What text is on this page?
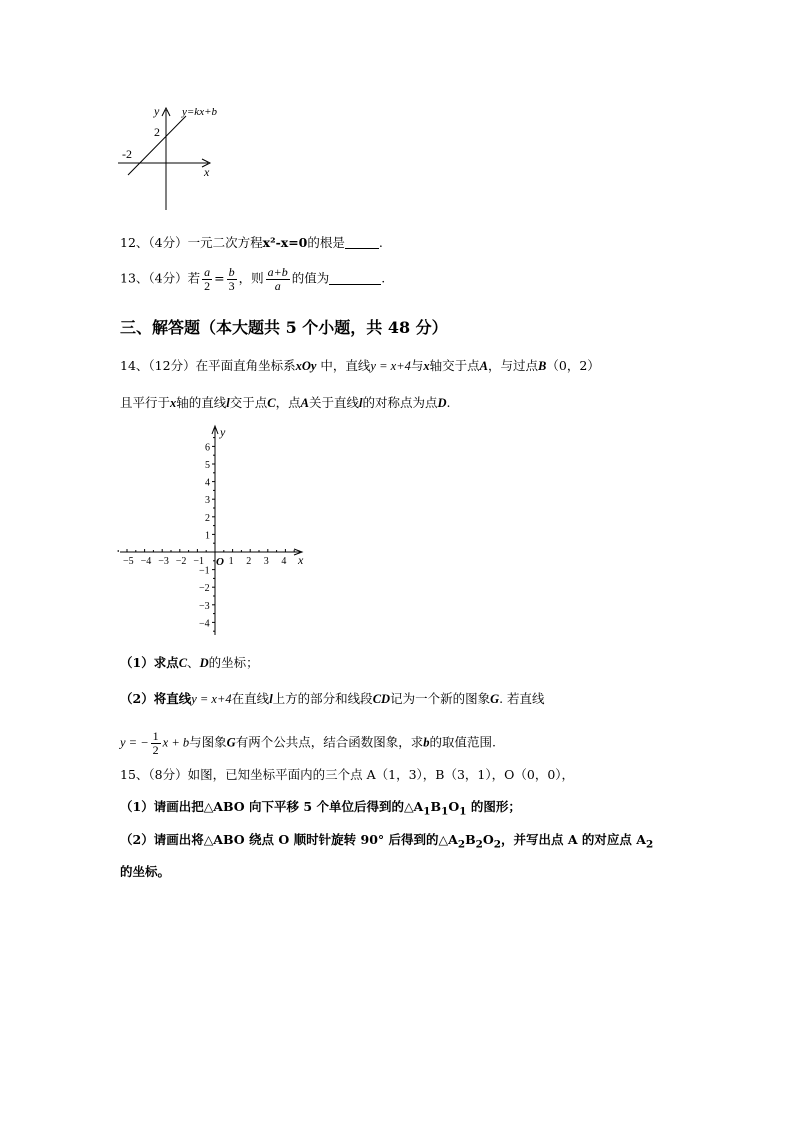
y y=kx+b
2
-2
x
12、（4分）一元二次方程x²-x=0的根是	.
13、（4分）若 $\frac{a}{2} = \frac{b}{3}$ ，则 $\frac{a+b}{a}$ 的值为	.
三、解答题（本大题共 5 个小题，共 48 分）
14、（12分）在平面直角坐标系xOy 中，直线y = x+4与x轴交于点A，与过点B（0，2）
且平行于x轴的直线l交于点C，点A关于直线l的对称点为点D.
−5 −4 −3 −2 −1 1 2 3 4
6
5
4
3
2
1
−1
−2
−3
−4
y
x
O
（1）求点C、D的坐标；
（2）将直线y = x+4在直线l上方的部分和线段CD记为一个新的图象G. 若直线
y = − $\frac{1}{2}$ x + b与图象G有两个公共点，结合函数图象，求b的取值范围.
15、（8分）如图，已知坐标平面内的三个点 A（1，3），B（3，1），O（0，0），
（1）请画出把△ABO 向下平移 5 个单位后得到的$\triangle A_1B_1O_1$ 的图形；
（2）请画出将△ABO 绕点 O 顺时针旋转 90° 后得到的$\triangle A_2B_2O_2$，并写出点 A 的对应点 $A_2$
的坐标。
